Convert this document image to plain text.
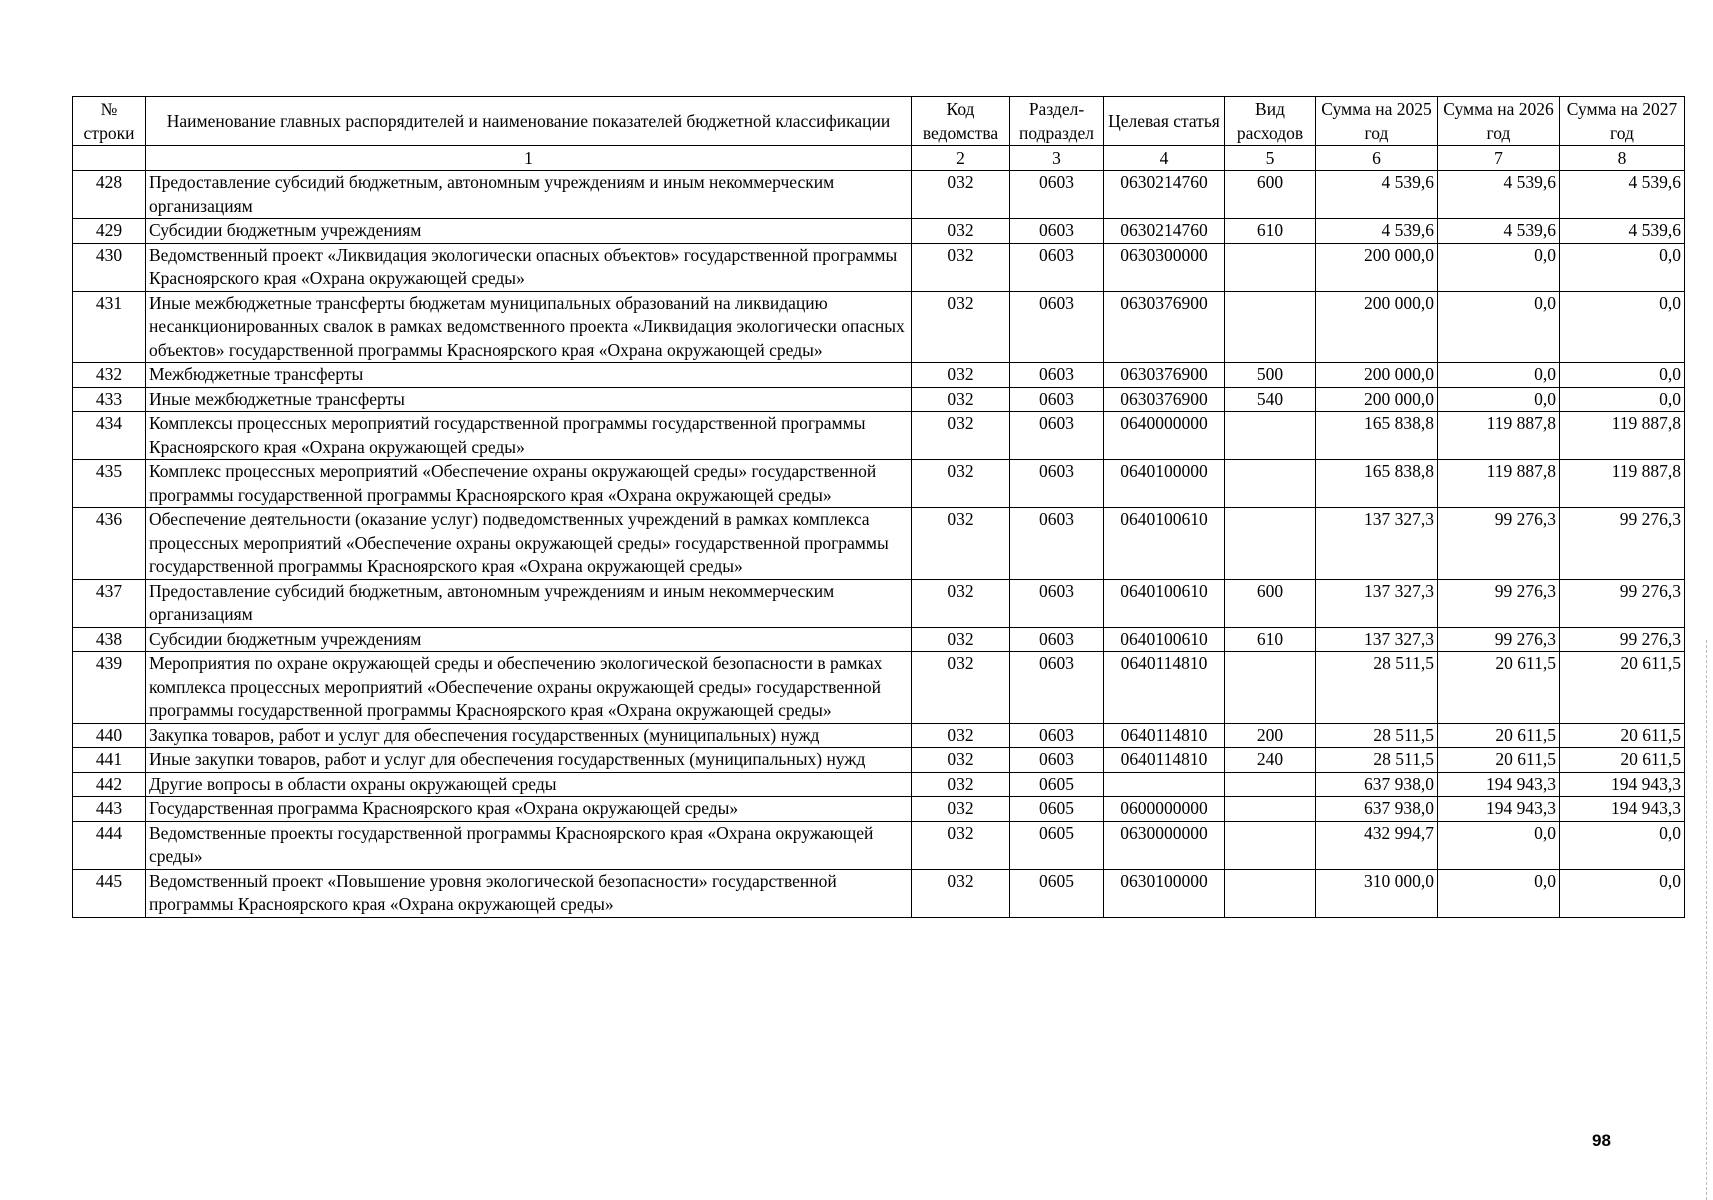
№ строки	Наименование главных распорядителей и наименование показателей бюджетной классификации	Код ведомства	Раздел-подраздел	Целевая статья	Вид расходов	Сумма на 2025 год	Сумма на 2026 год	Сумма на 2027 год
	1	2	3	4	5	6	7	8
428	Предоставление субсидий бюджетным, автономным учреждениям и иным некоммерческим организациям	032	0603	0630214760	600	4 539,6	4 539,6	4 539,6
429	Субсидии бюджетным учреждениям	032	0603	0630214760	610	4 539,6	4 539,6	4 539,6
430	Ведомственный проект «Ликвидация экологически опасных объектов» государственной программы Красноярского края «Охрана окружающей среды»	032	0603	0630300000		200 000,0	0,0	0,0
431	Иные межбюджетные трансферты бюджетам муниципальных образований на ликвидацию несанкционированных свалок в рамках ведомственного проекта «Ликвидация экологически опасных объектов» государственной программы Красноярского края «Охрана окружающей среды»	032	0603	0630376900		200 000,0	0,0	0,0
432	Межбюджетные трансферты	032	0603	0630376900	500	200 000,0	0,0	0,0
433	Иные межбюджетные трансферты	032	0603	0630376900	540	200 000,0	0,0	0,0
434	Комплексы процессных мероприятий государственной программы государственной программы Красноярского края «Охрана окружающей среды»	032	0603	0640000000		165 838,8	119 887,8	119 887,8
435	Комплекс процессных мероприятий «Обеспечение охраны окружающей среды» государственной программы государственной программы Красноярского края «Охрана окружающей среды»	032	0603	0640100000		165 838,8	119 887,8	119 887,8
436	Обеспечение деятельности (оказание услуг) подведомственных учреждений в рамках комплекса процессных мероприятий «Обеспечение охраны окружающей среды» государственной программы государственной программы Красноярского края «Охрана окружающей среды»	032	0603	0640100610		137 327,3	99 276,3	99 276,3
437	Предоставление субсидий бюджетным, автономным учреждениям и иным некоммерческим организациям	032	0603	0640100610	600	137 327,3	99 276,3	99 276,3
438	Субсидии бюджетным учреждениям	032	0603	0640100610	610	137 327,3	99 276,3	99 276,3
439	Мероприятия по охране окружающей среды и обеспечению экологической безопасности в рамках комплекса процессных мероприятий «Обеспечение охраны окружающей среды» государственной программы государственной программы Красноярского края «Охрана окружающей среды»	032	0603	0640114810		28 511,5	20 611,5	20 611,5
440	Закупка товаров, работ и услуг для обеспечения государственных (муниципальных) нужд	032	0603	0640114810	200	28 511,5	20 611,5	20 611,5
441	Иные закупки товаров, работ и услуг для обеспечения государственных (муниципальных) нужд	032	0603	0640114810	240	28 511,5	20 611,5	20 611,5
442	Другие вопросы в области охраны окружающей среды	032	0605			637 938,0	194 943,3	194 943,3
443	Государственная программа Красноярского края «Охрана окружающей среды»	032	0605	0600000000		637 938,0	194 943,3	194 943,3
444	Ведомственные проекты государственной программы Красноярского края «Охрана окружающей среды»	032	0605	0630000000		432 994,7	0,0	0,0
445	Ведомственный проект «Повышение уровня экологической безопасности» государственной программы Красноярского края «Охрана окружающей среды»	032	0605	0630100000		310 000,0	0,0	0,0
98
